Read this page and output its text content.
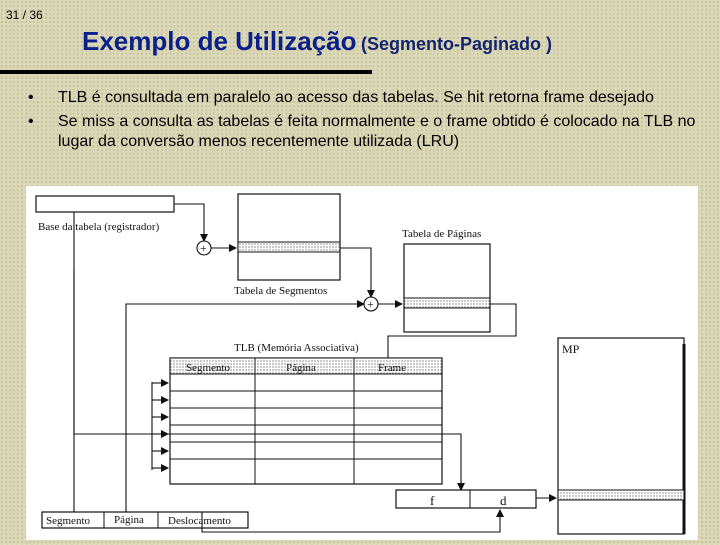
31 / 36
Exemplo de Utilização (Segmento-Paginado )
• TLB é consultada em paralelo ao acesso das tabelas. Se hit retorna frame desejado
• Se miss a consulta as tabelas é feita normalmente e o frame obtido é colocado na TLB no lugar da conversão menos recentemente utilizada (LRU)
Base da tabela (registrador)
Tabela de Segmentos
Tabela de Páginas
+
+
TLB (Memória Associativa)
Segmento	Página	Frame
MP
f	d
Segmento Página Deslocamento
